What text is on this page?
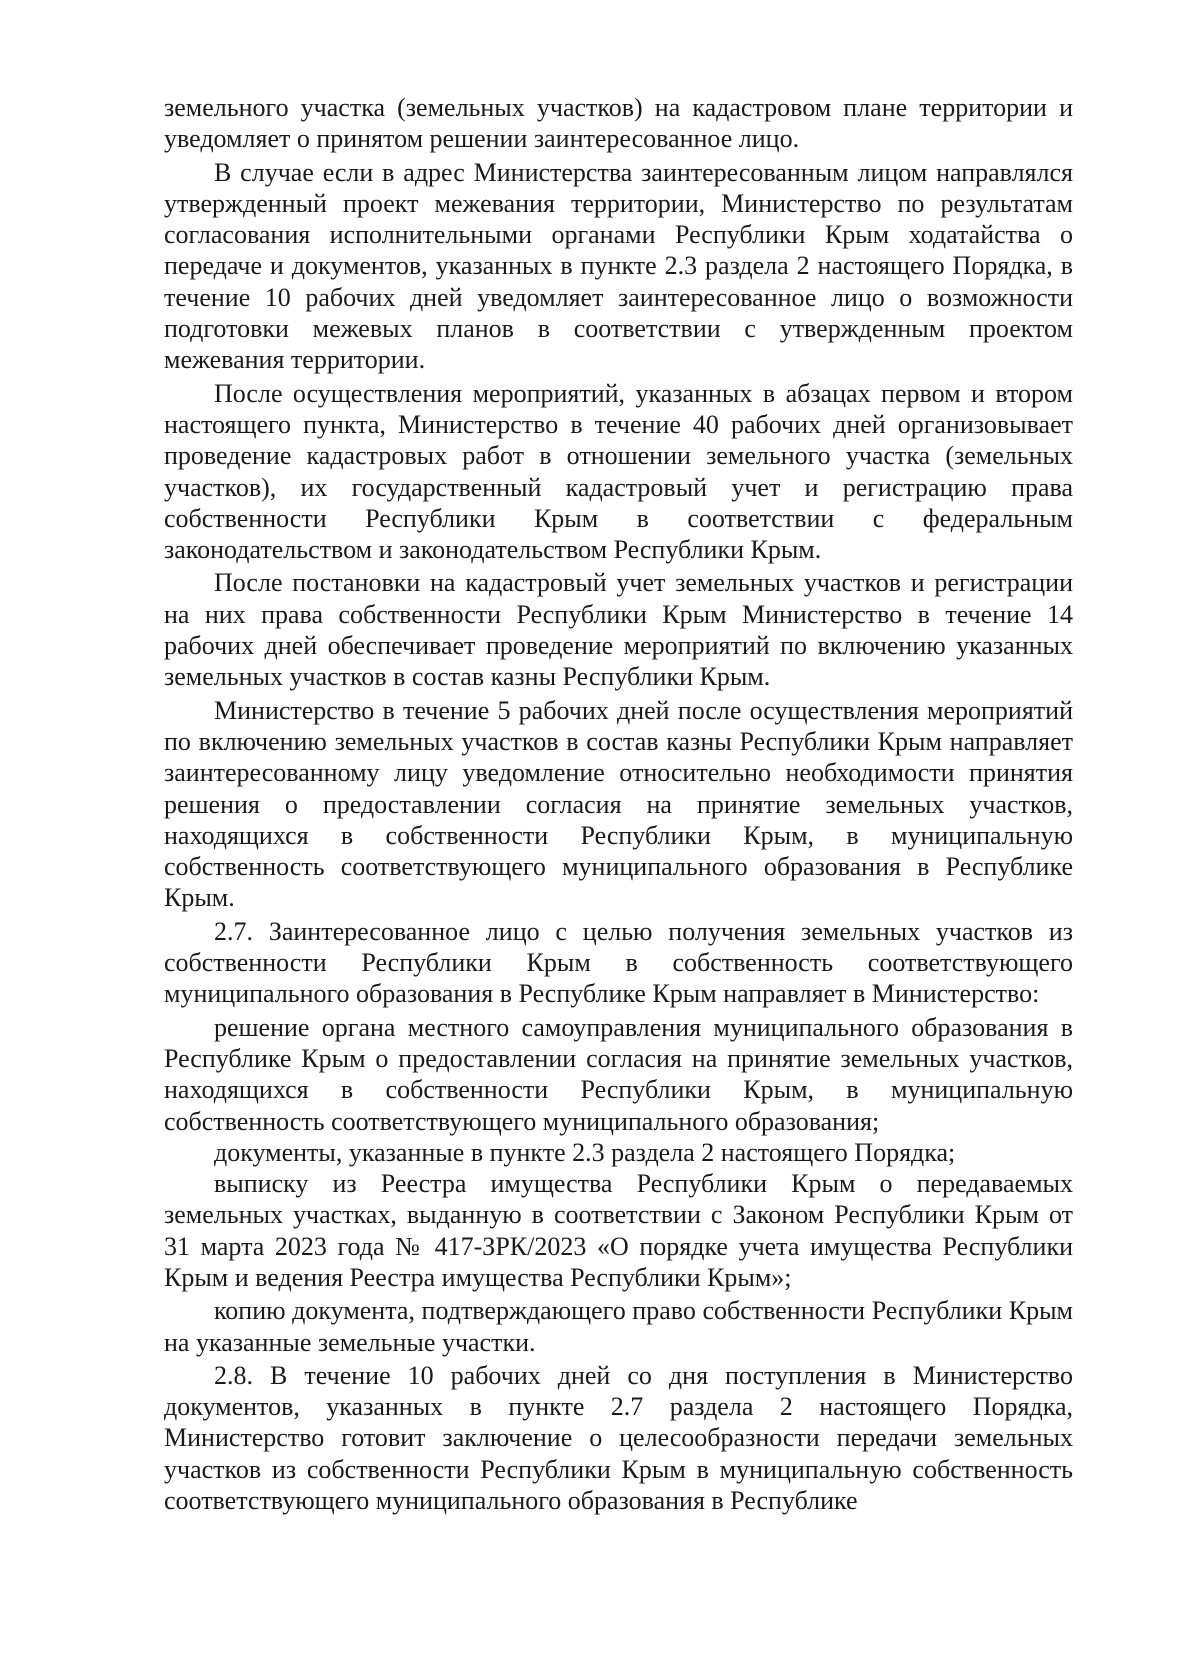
земельного участка (земельных участков) на кадастровом плане территории и уведомляет о принятом решении заинтересованное лицо.

В случае если в адрес Министерства заинтересованным лицом направлялся утвержденный проект межевания территории, Министерство по результатам согласования исполнительными органами Республики Крым ходатайства о передаче и документов, указанных в пункте 2.3 раздела 2 настоящего Порядка, в течение 10 рабочих дней уведомляет заинтересованное лицо о возможности подготовки межевых планов в соответствии с утвержденным проектом межевания территории.

После осуществления мероприятий, указанных в абзацах первом и втором настоящего пункта, Министерство в течение 40 рабочих дней организовывает проведение кадастровых работ в отношении земельного участка (земельных участков), их государственный кадастровый учет и регистрацию права собственности Республики Крым в соответствии с федеральным законодательством и законодательством Республики Крым.

После постановки на кадастровый учет земельных участков и регистрации на них права собственности Республики Крым Министерство в течение 14 рабочих дней обеспечивает проведение мероприятий по включению указанных земельных участков в состав казны Республики Крым.

Министерство в течение 5 рабочих дней после осуществления мероприятий по включению земельных участков в состав казны Республики Крым направляет заинтересованному лицу уведомление относительно необходимости принятия решения о предоставлении согласия на принятие земельных участков, находящихся в собственности Республики Крым, в муниципальную собственность соответствующего муниципального образования в Республике Крым.

2.7. Заинтересованное лицо с целью получения земельных участков из собственности Республики Крым в собственность соответствующего муниципального образования в Республике Крым направляет в Министерство:

решение органа местного самоуправления муниципального образования в Республике Крым о предоставлении согласия на принятие земельных участков, находящихся в собственности Республики Крым, в муниципальную собственность соответствующего муниципального образования;

документы, указанные в пункте 2.3 раздела 2 настоящего Порядка;

выписку из Реестра имущества Республики Крым о передаваемых земельных участках, выданную в соответствии с Законом Республики Крым от 31 марта 2023 года № 417-ЗРК/2023 «О порядке учета имущества Республики Крым и ведения Реестра имущества Республики Крым»;

копию документа, подтверждающего право собственности Республики Крым на указанные земельные участки.

2.8. В течение 10 рабочих дней со дня поступления в Министерство документов, указанных в пункте 2.7 раздела 2 настоящего Порядка, Министерство готовит заключение о целесообразности передачи земельных участков из собственности Республики Крым в муниципальную собственность соответствующего муниципального образования в Республике
